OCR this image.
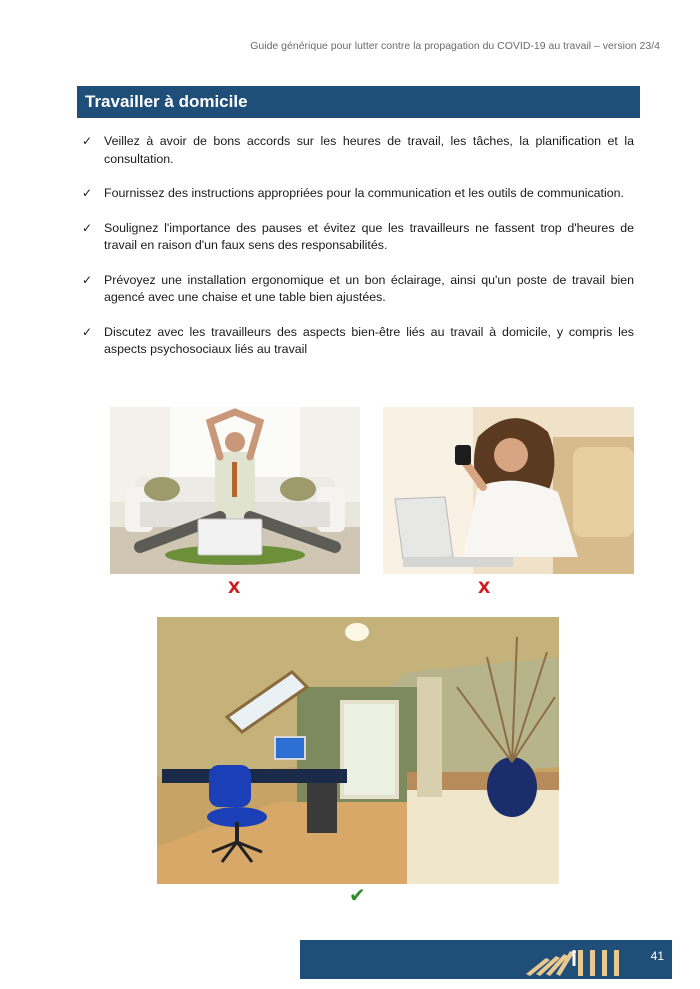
Guide générique pour lutter contre la propagation du COVID-19 au travail – version 23/4
Travailler à domicile
✓ Veillez à avoir de bons accords sur les heures de travail, les tâches, la planification et la consultation.
✓ Fournissez des instructions appropriées pour la communication et les outils de communication.
✓ Soulignez l'importance des pauses et évitez que les travailleurs ne fassent trop d'heures de travail en raison d'un faux sens des responsabilités.
✓ Prévoyez une installation ergonomique et un bon éclairage, ainsi qu'un poste de travail bien agencé avec une chaise et une table bien ajustées.
✓ Discutez avec les travailleurs des aspects bien-être liés au travail à domicile, y compris les aspects psychosociaux liés au travail
X	X
✔
41
